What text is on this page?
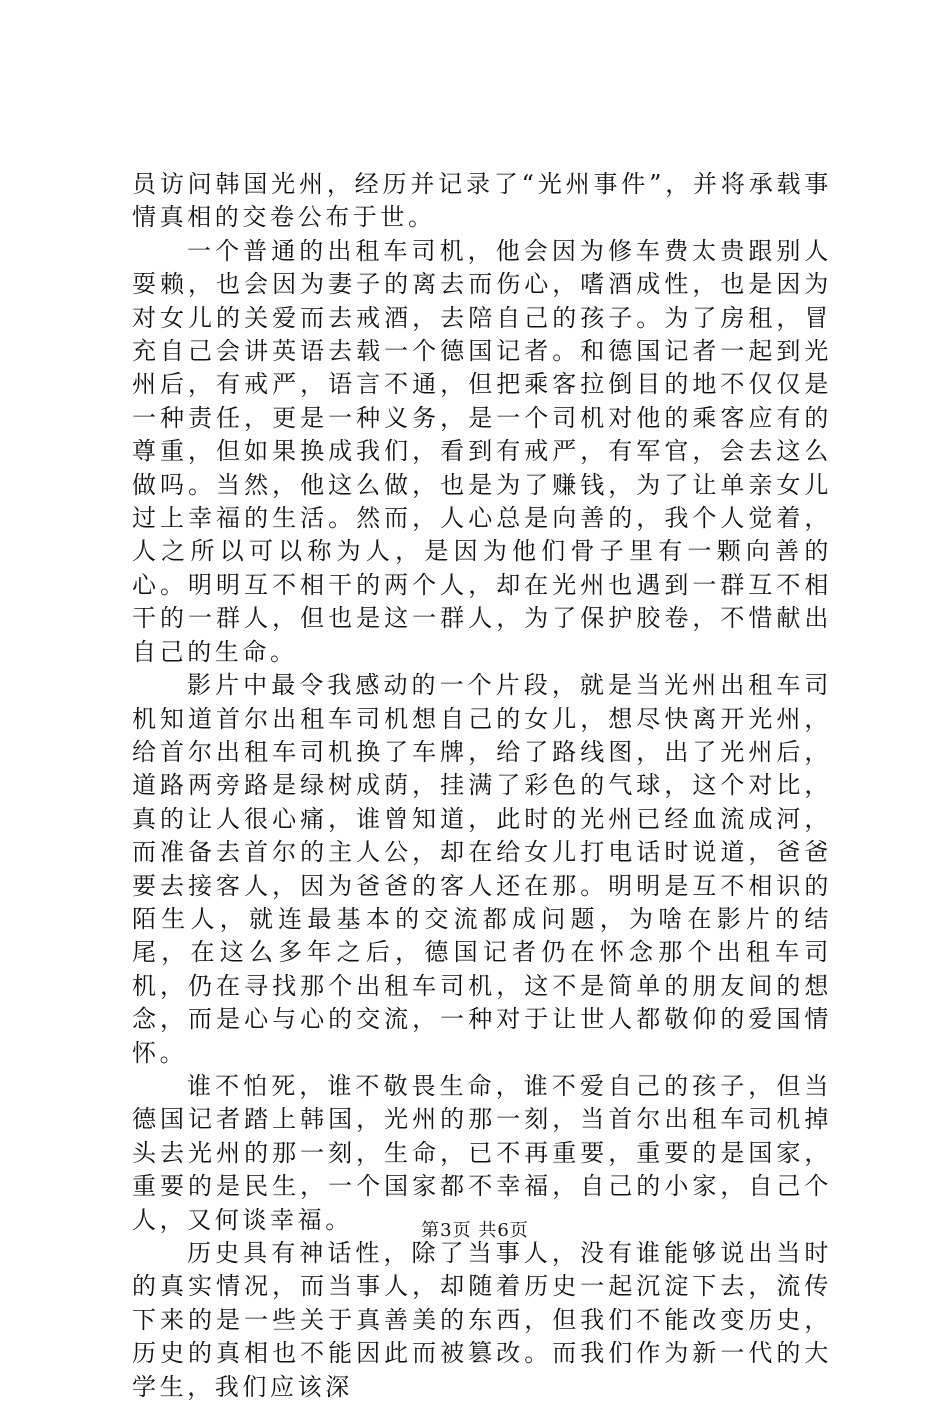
员访问韩国光州，经历并记录了“光州事件”，并将承载事情真相的交卷公布于世。

一个普通的出租车司机，他会因为修车费太贵跟别人耍赖，也会因为妻子的离去而伤心，嗜酒成性，也是因为对女儿的关爱而去戒酒，去陪自己的孩子。为了房租，冒充自己会讲英语去载一个德国记者。和德国记者一起到光州后，有戒严，语言不通，但把乘客拉倒目的地不仅仅是一种责任，更是一种义务，是一个司机对他的乘客应有的尊重，但如果换成我们，看到有戒严，有军官，会去这么做吗。当然，他这么做，也是为了赚钱，为了让单亲女儿过上幸福的生活。然而，人心总是向善的，我个人觉着，人之所以可以称为人，是因为他们骨子里有一颗向善的心。明明互不相干的两个人，却在光州也遇到一群互不相干的一群人，但也是这一群人，为了保护胶卷，不惜献出自己的生命。

影片中最令我感动的一个片段，就是当光州出租车司机知道首尔出租车司机想自己的女儿，想尽快离开光州，给首尔出租车司机换了车牌，给了路线图，出了光州后，道路两旁路是绿树成荫，挂满了彩色的气球，这个对比，真的让人很心痛，谁曾知道，此时的光州已经血流成河，而准备去首尔的主人公，却在给女儿打电话时说道，爸爸要去接客人，因为爸爸的客人还在那。明明是互不相识的陌生人，就连最基本的交流都成问题，为啥在影片的结尾，在这么多年之后，德国记者仍在怀念那个出租车司机，仍在寻找那个出租车司机，这不是简单的朋友间的想念，而是心与心的交流，一种对于让世人都敬仰的爱国情怀。

谁不怕死，谁不敬畏生命，谁不爱自己的孩子，但当德国记者踏上韩国，光州的那一刻，当首尔出租车司机掉头去光州的那一刻，生命，已不再重要，重要的是国家，重要的是民生，一个国家都不幸福，自己的小家，自己个人，又何谈幸福。

历史具有神话性，除了当事人，没有谁能够说出当时的真实情况，而当事人，却随着历史一起沉淀下去，流传下来的是一些关于真善美的东西，但我们不能改变历史，历史的真相也不能因此而被篡改。而我们作为新一代的大学生，我们应该深

第3页 共6页
